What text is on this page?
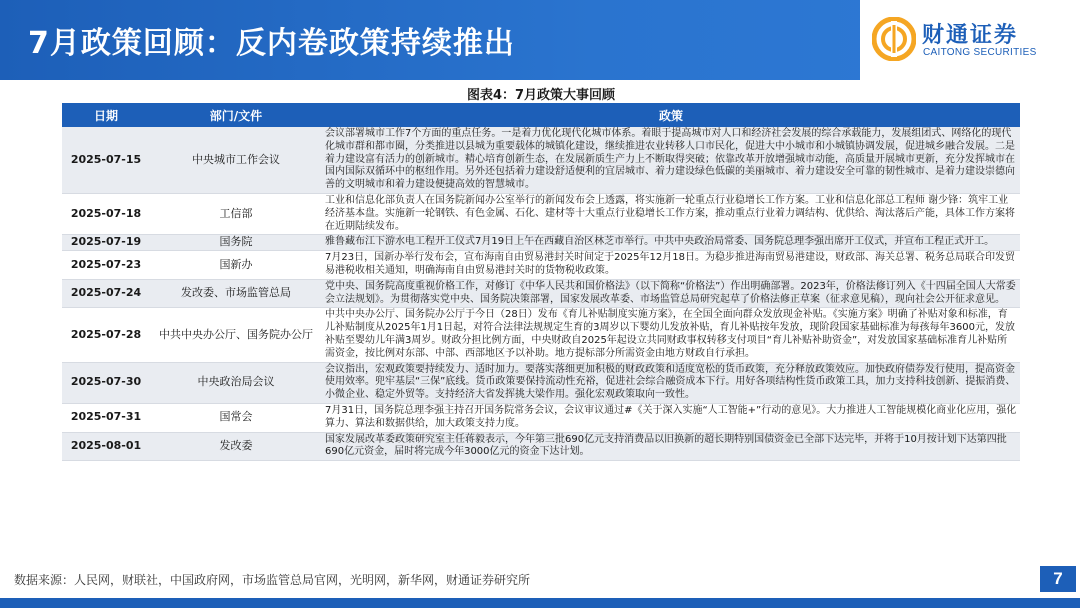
7月政策回顾：反内卷政策持续推出	财通证券
CAITONG SECURITIES
图表4：7月政策大事回顾
日期	部门/文件	政策
2025-07-15	中央城市工作会议	会议部署城市工作7个方面的重点任务。一是着力优化现代化城市体系。着眼于提高城市对人口和经济社会发展的综合承载能力，发展组团式、网络化的现代化城市群和都市圈，分类推进以县城为重要载体的城镇化建设，继续推进农业转移人口市民化，促进大中小城市和小城镇协调发展，促进城乡融合发展。二是着力建设富有活力的创新城市。精心培育创新生态，在发展新质生产力上不断取得突破；依靠改革开放增强城市动能，高质量开展城市更新，充分发挥城市在国内国际双循环中的枢纽作用。另外还包括着力建设舒适便利的宜居城市、着力建设绿色低碳的美丽城市、着力建设安全可靠的韧性城市、是着力建设崇德向善的文明城市和着力建设便捷高效的智慧城市。
2025-07-18	工信部	工业和信息化部负责人在国务院新闻办公室举行的新闻发布会上透露，将实施新一轮重点行业稳增长工作方案。工业和信息化部总工程师 谢少锋：筑牢工业经济基本盘。实施新一轮钢铁、有色金属、石化、建材等十大重点行业稳增长工作方案，推动重点行业着力调结构、优供给、淘汰落后产能，具体工作方案将在近期陆续发布。
2025-07-19	国务院	雅鲁藏布江下游水电工程开工仪式7月19日上午在西藏自治区林芝市举行。中共中央政治局常委、国务院总理李强出席开工仪式，并宣布工程正式开工。
2025-07-23	国新办	7月23日，国新办举行发布会，宣布海南自由贸易港封关时间定于2025年12月18日。为稳步推进海南贸易港建设，财政部、海关总署、税务总局联合印发贸易港税收相关通知，明确海南自由贸易港封关时的货物税收政策。
2025-07-24	发改委、市场监管总局	党中央、国务院高度重视价格工作，对修订《中华人民共和国价格法》（以下简称“价格法”）作出明确部署。2023年，价格法修订列入《十四届全国人大常委会立法规划》。为贯彻落实党中央、国务院决策部署，国家发展改革委、市场监管总局研究起草了价格法修正草案（征求意见稿），现向社会公开征求意见。
2025-07-28	中共中央办公厅、国务院办公厅	中共中央办公厅、国务院办公厅于今日（28日）发布《育儿补贴制度实施方案》，在全国全面向群众发放现金补贴。《实施方案》明确了补贴对象和标准，育儿补贴制度从2025年1月1日起，对符合法律法规规定生育的3周岁以下婴幼儿发放补贴，育儿补贴按年发放，现阶段国家基础标准为每孩每年3600元，发放补贴至婴幼儿年满3周岁。财政分担比例方面，中央财政自2025年起设立共同财政事权转移支付项目“育儿补贴补助资金”，对发放国家基础标准育儿补贴所需资金，按比例对东部、中部、西部地区予以补助。地方提标部分所需资金由地方财政自行承担。
2025-07-30	中央政治局会议	会议指出，宏观政策要持续发力、适时加力。要落实落细更加积极的财政政策和适度宽松的货币政策，充分释放政策效应。加快政府债券发行使用，提高资金使用效率。兜牢基层“三保”底线。货币政策要保持流动性充裕，促进社会综合融资成本下行。用好各项结构性货币政策工具，加力支持科技创新、提振消费、小微企业、稳定外贸等。支持经济大省发挥挑大梁作用。强化宏观政策取向一致性。
2025-07-31	国常会	7月31日，国务院总理李强主持召开国务院常务会议，会议审议通过#《关于深入实施“人工智能+”行动的意见》。大力推进人工智能规模化商业化应用，强化算力、算法和数据供给，加大政策支持力度。
2025-08-01	发改委	国家发展改革委政策研究室主任蒋毅表示，今年第三批690亿元支持消费品以旧换新的超长期特别国债资金已全部下达完毕，并将于10月按计划下达第四批690亿元资金，届时将完成今年3000亿元的资金下达计划。
数据来源：人民网，财联社，中国政府网，市场监管总局官网，光明网，新华网，财通证券研究所	7
